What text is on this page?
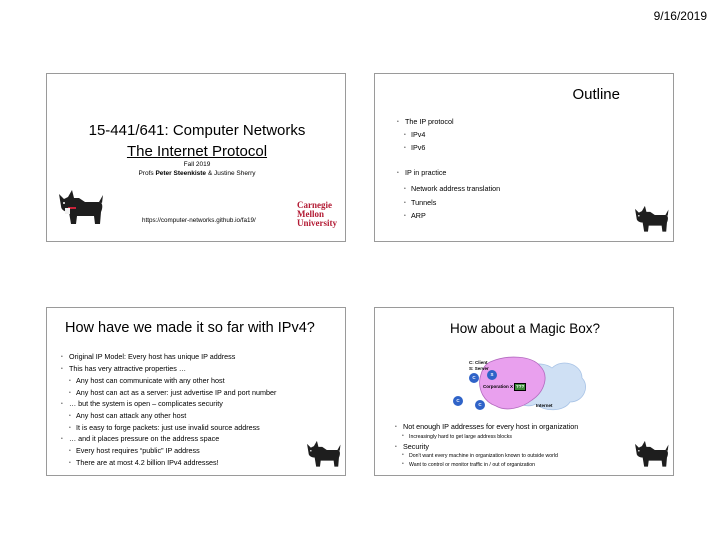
9/16/2019
15-441/641: Computer Networks
The Internet Protocol
Fall 2019
Profs Peter Steenkiste & Justine Sherry
https://computer-networks.github.io/fa19/
Carnegie
Mellon
University
Outline
• The IP protocol
• IPv4
• IPv6
• IP in practice
• Network address translation
• Tunnels
• ARP
How have we made it so far with IPv4?
• Original IP Model: Every host has unique IP address
• This has very attractive properties …
• Any host can communicate with any other host
• Any host can act as a server: just advertise IP and port number
• … but the system is open – complicates security
• Any host can attack any other host
• It is easy to forge packets: just use invalid source address
• … and it places pressure on the address space
• Every host requires “public” IP address
• There are at most 4.2 billion IPv4 addresses!
How about a Magic Box?
C: Client
S: Server
S
C
Corporation X ???
C
C	Internet
• Not enough IP addresses for every host in organization
• Increasingly hard to get large address blocks
• Security
• Don't want every machine in organization known to outside world
• Want to control or monitor traffic in / out of organization
